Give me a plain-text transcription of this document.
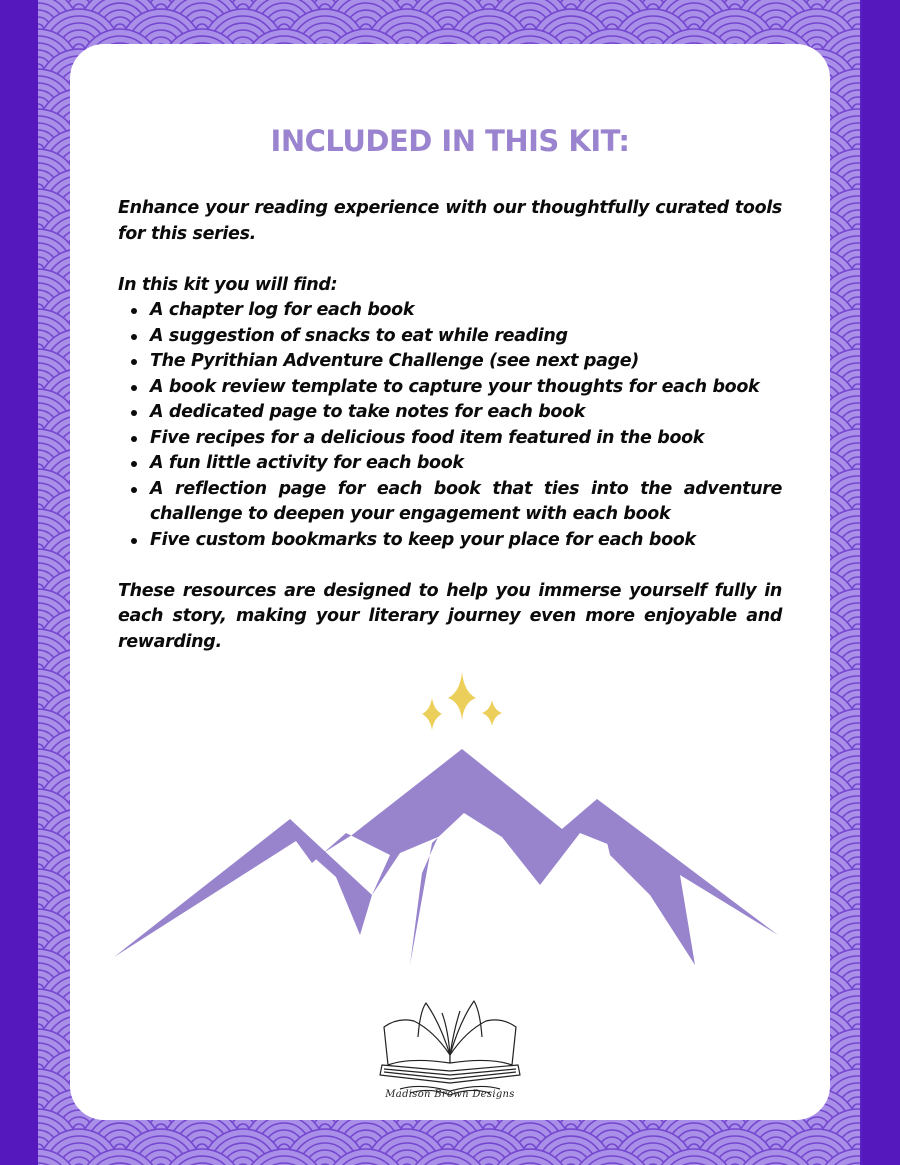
INCLUDED IN THIS KIT:

Enhance your reading experience with our thoughtfully curated tools for this series.

In this kit you will find:

A chapter log for each book
A suggestion of snacks to eat while reading
The Pyrithian Adventure Challenge (see next page)
A book review template to capture your thoughts for each book
A dedicated page to take notes for each book
Five recipes for a delicious food item featured in the book
A fun little activity for each book
A reflection page for each book that ties into the adventure challenge to deepen your engagement with each book
Five custom bookmarks to keep your place for each book

These resources are designed to help you immerse yourself fully in each story, making your literary journey even more enjoyable and rewarding.

Madison Brown Designs
